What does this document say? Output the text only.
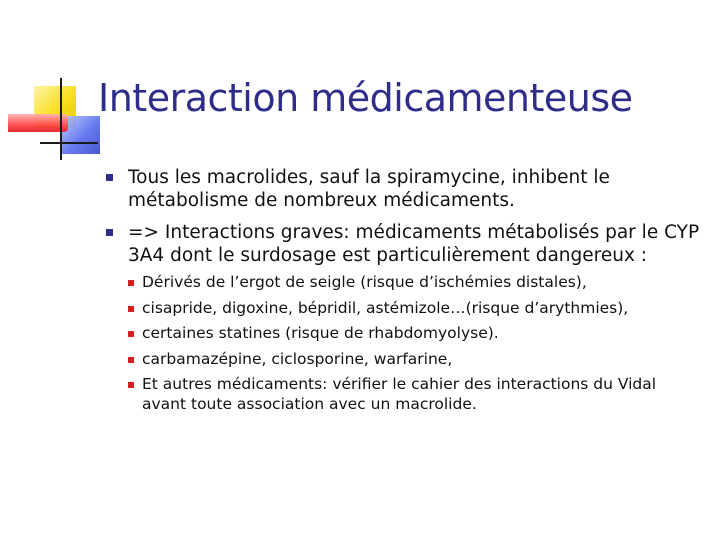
Interaction médicamenteuse
Tous les macrolides, sauf la spiramycine, inhibent le métabolisme de nombreux médicaments.
=> Interactions graves: médicaments métabolisés par le CYP 3A4 dont le surdosage est particulièrement dangereux :
Dérivés de l’ergot de seigle (risque d’ischémies distales),
cisapride, digoxine, bépridil, astémizole…(risque d’arythmies),
certaines statines (risque de rhabdomyolyse).
carbamazépine, ciclosporine, warfarine,
Et autres médicaments: vérifier le cahier des interactions du Vidal avant toute association avec un macrolide.
